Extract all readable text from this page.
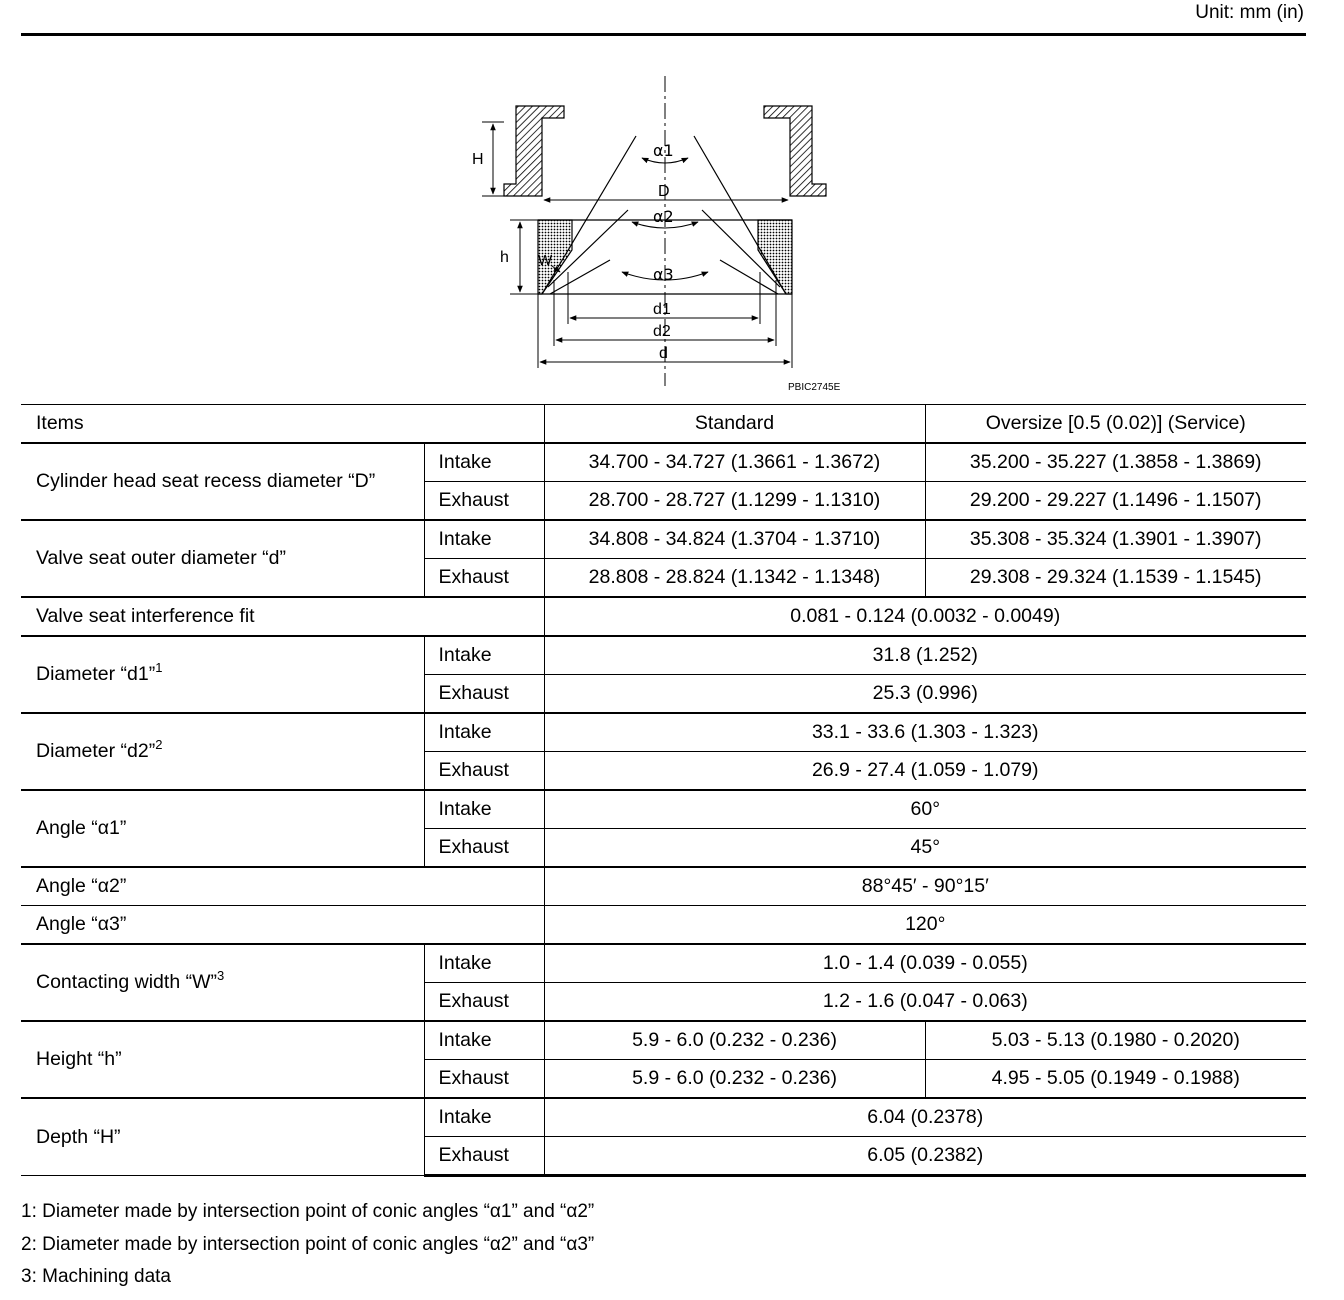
Unit: mm (in)
H
D
h
α1
α2
α3
W
d1
d2
d
PBIC2745E
Items		Standard	Oversize [0.5 (0.02)] (Service)
Cylinder head seat recess diameter “D”	Intake	34.700 - 34.727 (1.3661 - 1.3672)	35.200 - 35.227 (1.3858 - 1.3869)
	Exhaust	28.700 - 28.727 (1.1299 - 1.1310)	29.200 - 29.227 (1.1496 - 1.1507)
Valve seat outer diameter “d”	Intake	34.808 - 34.824 (1.3704 - 1.3710)	35.308 - 35.324 (1.3901 - 1.3907)
	Exhaust	28.808 - 28.824 (1.1342 - 1.1348)	29.308 - 29.324 (1.1539 - 1.1545)
Valve seat interference fit		0.081 - 0.124 (0.0032 - 0.0049)	
Diameter “d1”$^1$	Intake	31.8 (1.252)	
	Exhaust	25.3 (0.996)	
Diameter “d2”$^2$	Intake	33.1 - 33.6 (1.303 - 1.323)	
	Exhaust	26.9 - 27.4 (1.059 - 1.079)	
Angle “α1”	Intake	60°	
	Exhaust	45°	
Angle “α2”		88°45′ - 90°15′	
Angle “α3”		120°	
Contacting width “W”$^3$	Intake	1.0 - 1.4 (0.039 - 0.055)	
	Exhaust	1.2 - 1.6 (0.047 - 0.063)	
Height “h”	Intake	5.9 - 6.0 (0.232 - 0.236)	5.03 - 5.13 (0.1980 - 0.2020)
	Exhaust	5.9 - 6.0 (0.232 - 0.236)	4.95 - 5.05 (0.1949 - 0.1988)
Depth “H”	Intake	6.04 (0.2378)	
	Exhaust	6.05 (0.2382)	
1: Diameter made by intersection point of conic angles “α1” and “α2”
2: Diameter made by intersection point of conic angles “α2” and “α3”
3: Machining data
